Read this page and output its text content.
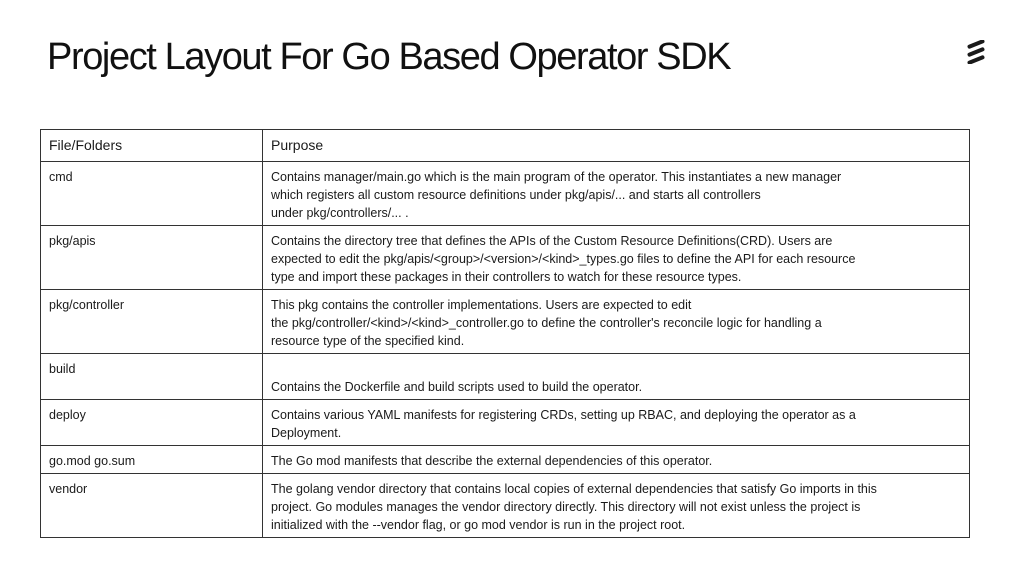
Project Layout For Go Based Operator SDK
File/Folders	Purpose
cmd	Contains manager/main.go which is the main program of the operator. This instantiates a new manager
which registers all custom resource definitions under pkg/apis/... and starts all controllers
under pkg/controllers/... .
pkg/apis	Contains the directory tree that defines the APIs of the Custom Resource Definitions(CRD). Users are
expected to edit the pkg/apis/<group>/<version>/<kind>_types.go files to define the API for each resource
type and import these packages in their controllers to watch for these resource types.
pkg/controller	This pkg contains the controller implementations. Users are expected to edit
the pkg/controller/<kind>/<kind>_controller.go to define the controller's reconcile logic for handling a
resource type of the specified kind.
build	Contains the Dockerfile and build scripts used to build the operator.
deploy	Contains various YAML manifests for registering CRDs, setting up RBAC, and deploying the operator as a
Deployment.
go.mod go.sum	The Go mod manifests that describe the external dependencies of this operator.
vendor	The golang vendor directory that contains local copies of external dependencies that satisfy Go imports in this
project. Go modules manages the vendor directory directly. This directory will not exist unless the project is
initialized with the --vendor flag, or go mod vendor is run in the project root.
